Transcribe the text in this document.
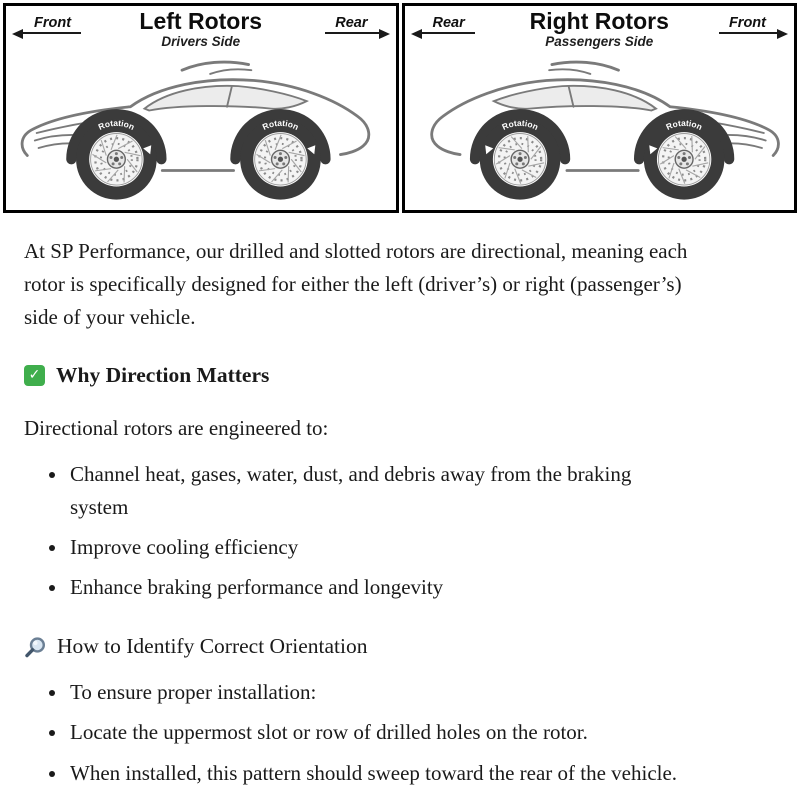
Front	Left Rotors
Drivers Side
Rear
Rotation	Rotation
Rear	Right Rotors
Passengers Side
Front
Rotation
Rotation

At SP Performance, our drilled and slotted rotors are directional, meaning each rotor is specifically designed for either the left (driver’s) or right (passenger’s) side of your vehicle.

✓ Why Direction Matters

Directional rotors are engineered to:

• Channel heat, gases, water, dust, and debris away from the braking system
• Improve cooling efficiency
• Enhance braking performance and longevity
How to Identify Correct Orientation
• To ensure proper installation:
• Locate the uppermost slot or row of drilled holes on the rotor.
• When installed, this pattern should sweep toward the rear of the vehicle.
